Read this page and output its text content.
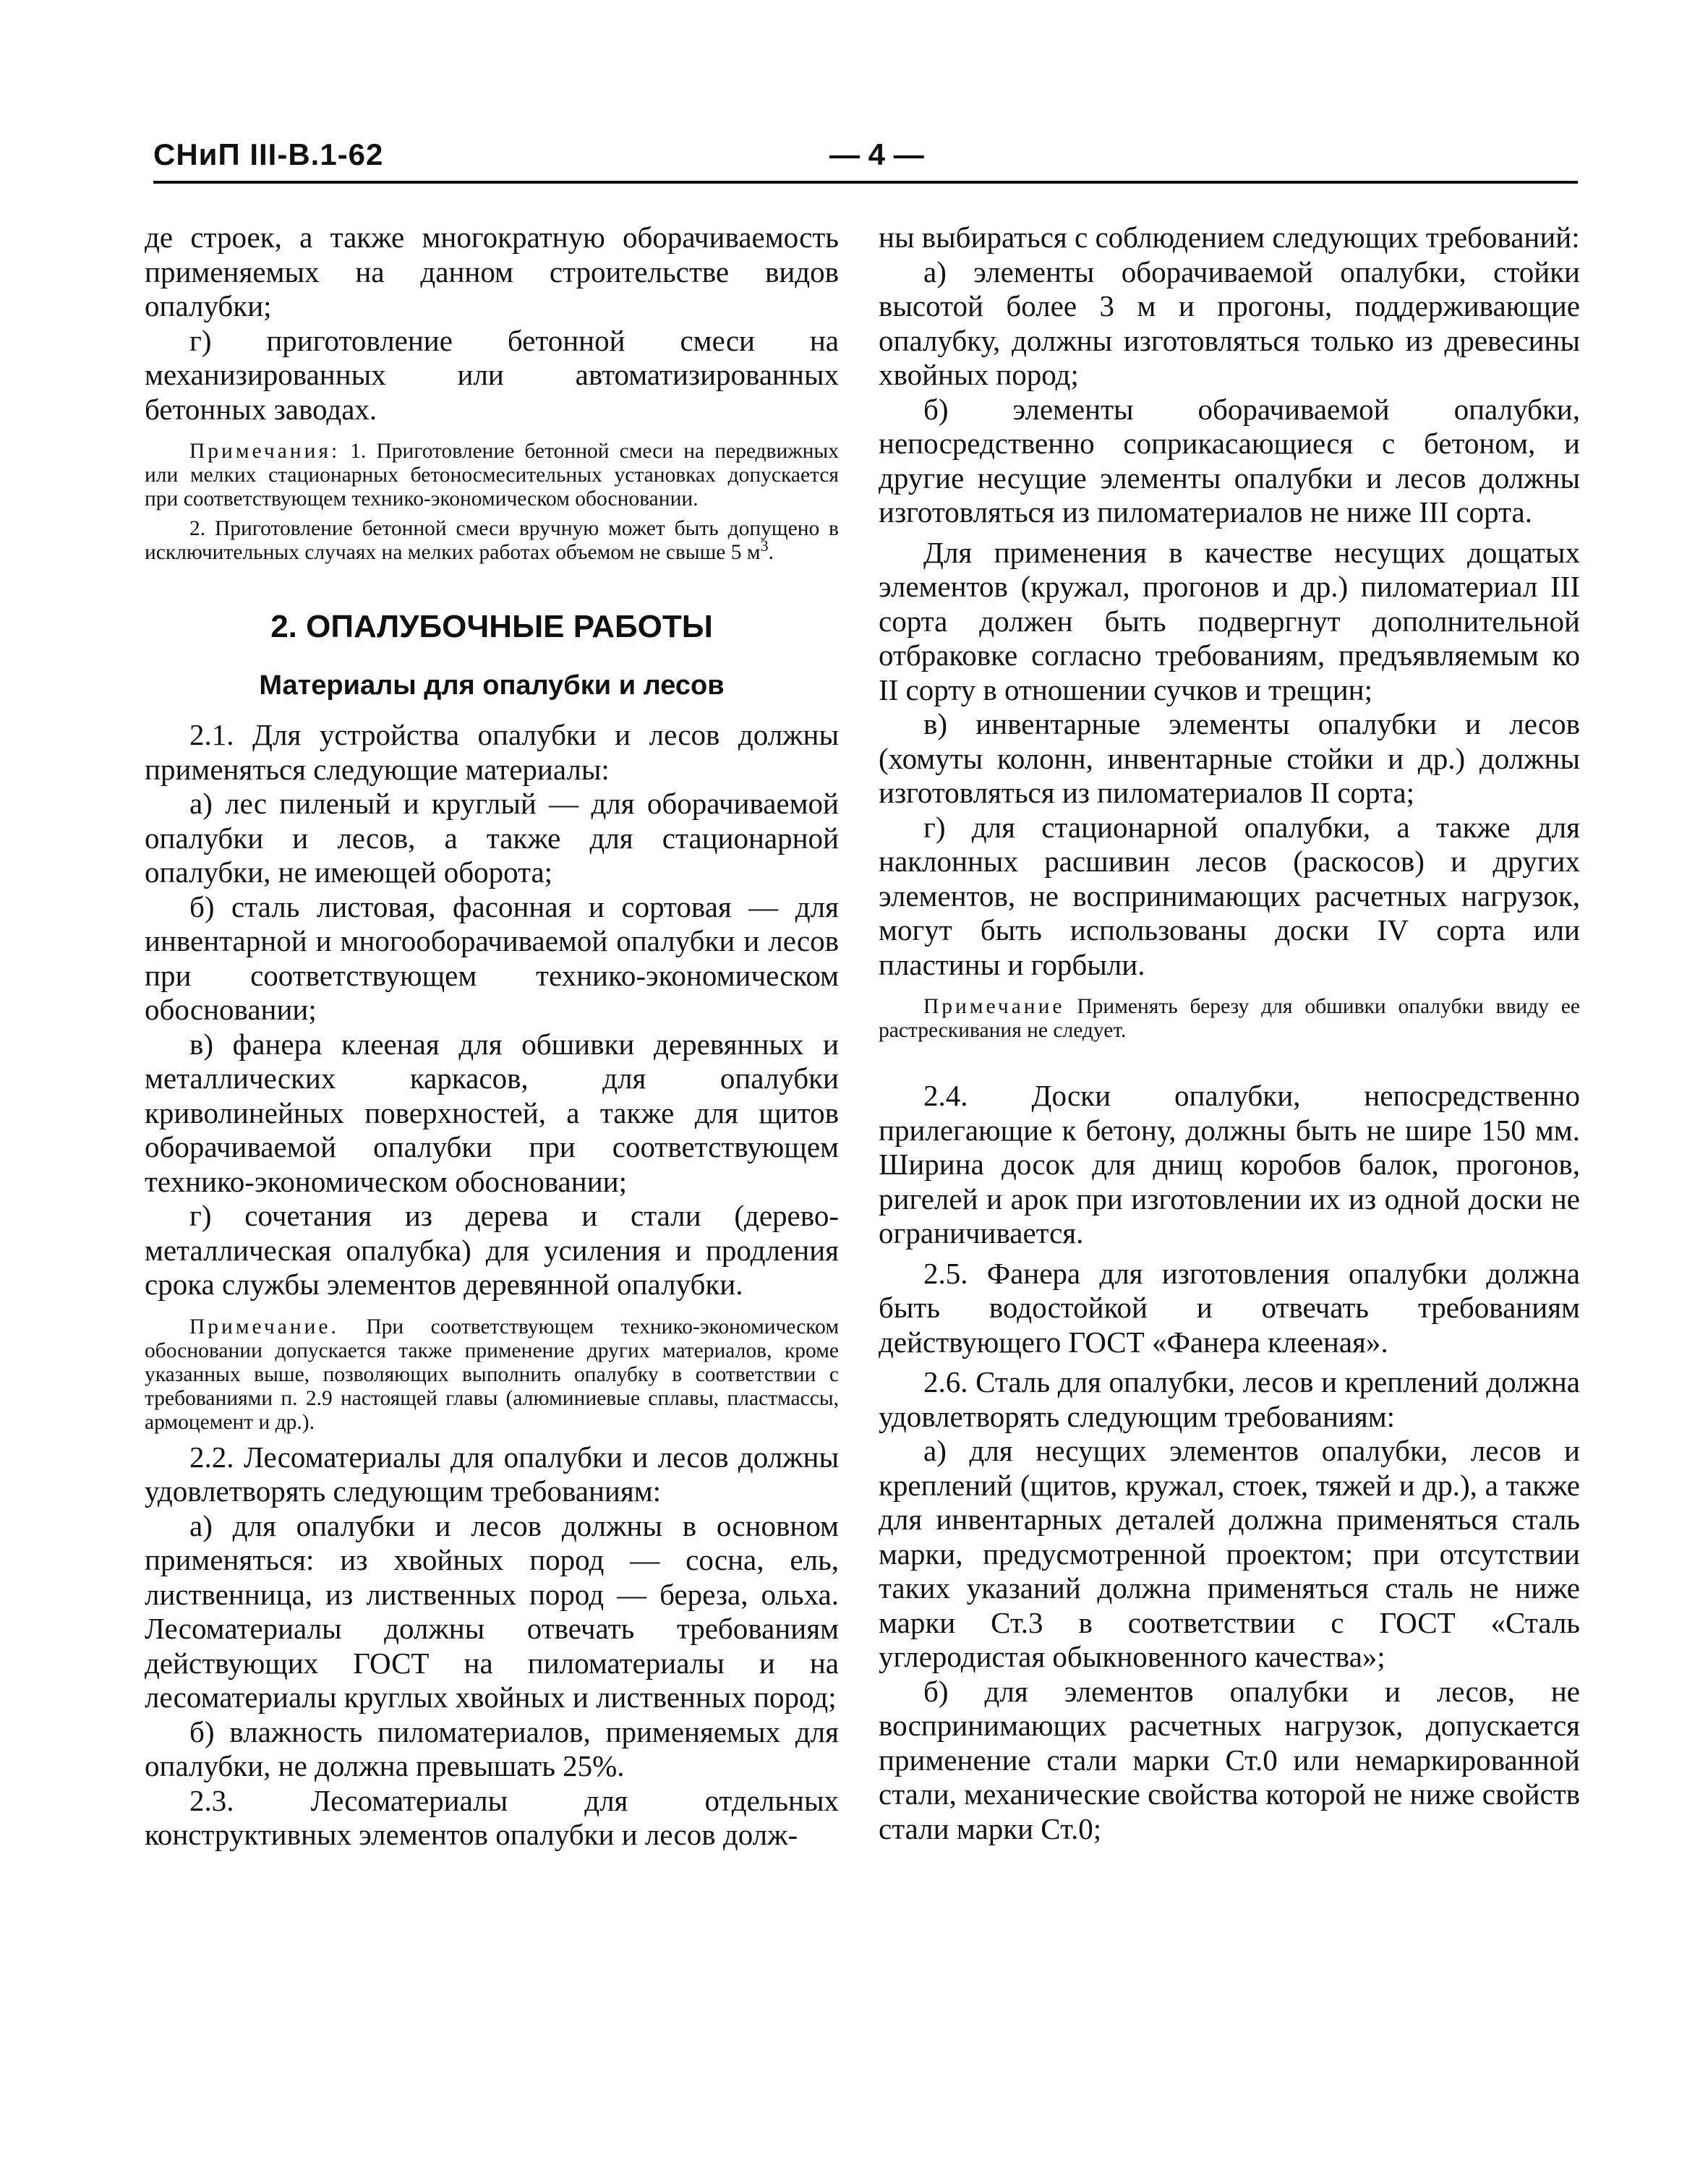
СНиП III-В.1-62	— 4 —

де строек, а также многократную оборачиваемость применяемых на данном строительстве видов опалубки;

г) приготовление бетонной смеси на механизированных или автоматизированных бетонных заводах.

Примечания: 1. Приготовление бетонной смеси на передвижных или мелких стационарных бетоносмесительных установках допускается при соответствующем технико-экономическом обосновании.
2. Приготовление бетонной смеси вручную может быть допущено в исключительных случаях на мелких работах объемом не свыше 5 $м^3$.
2. ОПАЛУБОЧНЫЕ РАБОТЫ
Материалы для опалубки и лесов

2.1. Для устройства опалубки и лесов должны применяться следующие материалы:

а) лес пиленый и круглый — для оборачиваемой опалубки и лесов, а также для стационарной опалубки, не имеющей оборота;

б) сталь листовая, фасонная и сортовая — для инвентарной и многооборачиваемой опалубки и лесов при соответствующем технико-экономическом обосновании;

в) фанера клееная для обшивки деревянных и металлических каркасов, для опалубки криволинейных поверхностей, а также для щитов оборачиваемой опалубки при соответствующем технико-экономическом обосновании;

г) сочетания из дерева и стали (дерево-металлическая опалубка) для усиления и продления срока службы элементов деревянной опалубки.

Примечание. При соответствующем технико-экономическом обосновании допускается также применение других материалов, кроме указанных выше, позволяющих выполнить опалубку в соответствии с требованиями п. 2.9 настоящей главы (алюминиевые сплавы, пластмассы, армоцемент и др.).

2.2. Лесоматериалы для опалубки и лесов должны удовлетворять следующим требованиям:

а) для опалубки и лесов должны в основном применяться: из хвойных пород — сосна, ель, лиственница, из лиственных пород — береза, ольха. Лесоматериалы должны отвечать требованиям действующих ГОСТ на пиломатериалы и на лесоматериалы круглых хвойных и лиственных пород;

б) влажность пиломатериалов, применяемых для опалубки, не должна превышать 25%.

2.3. Лесоматериалы для отдельных конструктивных элементов опалубки и лесов долж-

ны выбираться с соблюдением следующих требований:

а) элементы оборачиваемой опалубки, стойки высотой более 3 м и прогоны, поддерживающие опалубку, должны изготовляться только из древесины хвойных пород;

б) элементы оборачиваемой опалубки, непосредственно соприкасающиеся с бетоном, и другие несущие элементы опалубки и лесов должны изготовляться из пиломатериалов не ниже III сорта.

Для применения в качестве несущих дощатых элементов (кружал, прогонов и др.) пиломатериал III сорта должен быть подвергнут дополнительной отбраковке согласно требованиям, предъявляемым ко II сорту в отношении сучков и трещин;

в) инвентарные элементы опалубки и лесов (хомуты колонн, инвентарные стойки и др.) должны изготовляться из пиломатериалов II сорта;

г) для стационарной опалубки, а также для наклонных расшивин лесов (раскосов) и других элементов, не воспринимающих расчетных нагрузок, могут быть использованы доски IV сорта или пластины и горбыли.

Примечание Применять березу для обшивки опалубки ввиду ее растрескивания не следует.

2.4. Доски опалубки, непосредственно прилегающие к бетону, должны быть не шире 150 мм. Ширина досок для днищ коробов балок, прогонов, ригелей и арок при изготовлении их из одной доски не ограничивается.

2.5. Фанера для изготовления опалубки должна быть водостойкой и отвечать требованиям действующего ГОСТ «Фанера клееная».

2.6. Сталь для опалубки, лесов и креплений должна удовлетворять следующим требованиям:

а) для несущих элементов опалубки, лесов и креплений (щитов, кружал, стоек, тяжей и др.), а также для инвентарных деталей должна применяться сталь марки, предусмотренной проектом; при отсутствии таких указаний должна применяться сталь не ниже марки Ст.3 в соответствии с ГОСТ «Сталь углеродистая обыкновенного качества»;

б) для элементов опалубки и лесов, не воспринимающих расчетных нагрузок, допускается применение стали марки Ст.0 или немаркированной стали, механические свойства которой не ниже свойств стали марки Ст.0;
